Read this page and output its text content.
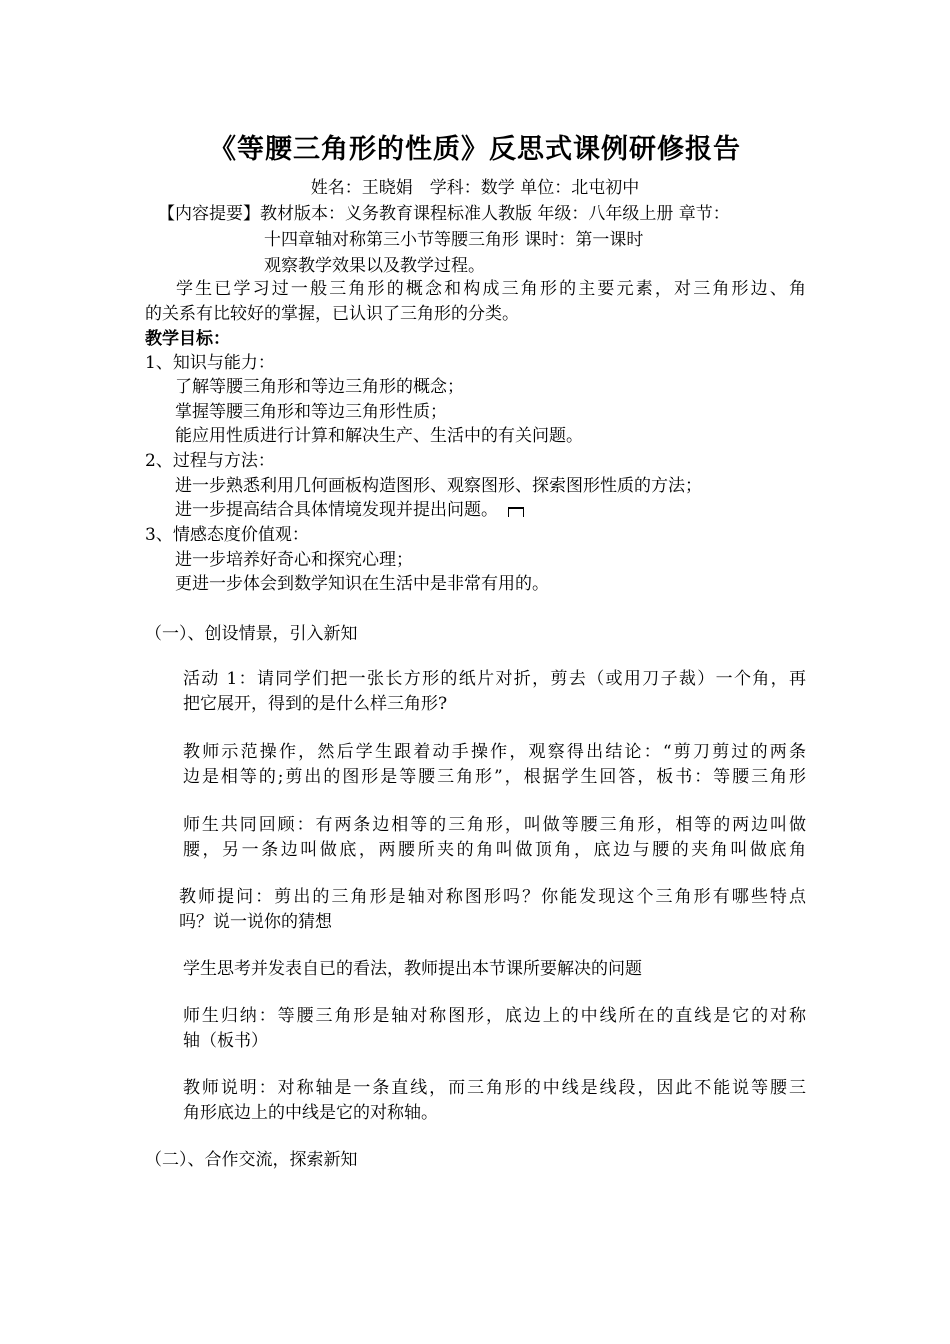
《等腰三角形的性质》反思式课例研修报告
姓名：王晓娟　学科：数学 单位：北屯初中
【内容提要】教材版本：义务教育课程标准人教版 年级：八年级上册 章节：
十四章轴对称第三小节等腰三角形 课时：第一课时
观察教学效果以及教学过程。
学生已学习过一般三角形的概念和构成三角形的主要元素，对三角形边、角
的关系有比较好的掌握，已认识了三角形的分类。
教学目标：
1、知识与能力：
了解等腰三角形和等边三角形的概念；
掌握等腰三角形和等边三角形性质；
能应用性质进行计算和解决生产、生活中的有关问题。
2、过程与方法：
进一步熟悉利用几何画板构造图形、观察图形、探索图形性质的方法；
进一步提高结合具体情境发现并提出问题。
3、情感态度价值观：
进一步培养好奇心和探究心理；
更进一步体会到数学知识在生活中是非常有用的。
（一）、创设情景，引入新知
活动 1：请同学们把一张长方形的纸片对折，剪去（或用刀子裁）一个角，再
把它展开，得到的是什么样三角形?
教师示范操作，然后学生跟着动手操作，观察得出结论：“剪刀剪过的两条
边是相等的;剪出的图形是等腰三角形”，根据学生回答，板书：等腰三角形
师生共同回顾：有两条边相等的三角形，叫做等腰三角形，相等的两边叫做
腰，另一条边叫做底，两腰所夹的角叫做顶角，底边与腰的夹角叫做底角
教师提问：剪出的三角形是轴对称图形吗？你能发现这个三角形有哪些特点
吗？说一说你的猜想
学生思考并发表自已的看法，教师提出本节课所要解决的问题
师生归纳：等腰三角形是轴对称图形，底边上的中线所在的直线是它的对称
轴（板书）
教师说明：对称轴是一条直线，而三角形的中线是线段，因此不能说等腰三
角形底边上的中线是它的对称轴。
（二）、合作交流，探索新知
